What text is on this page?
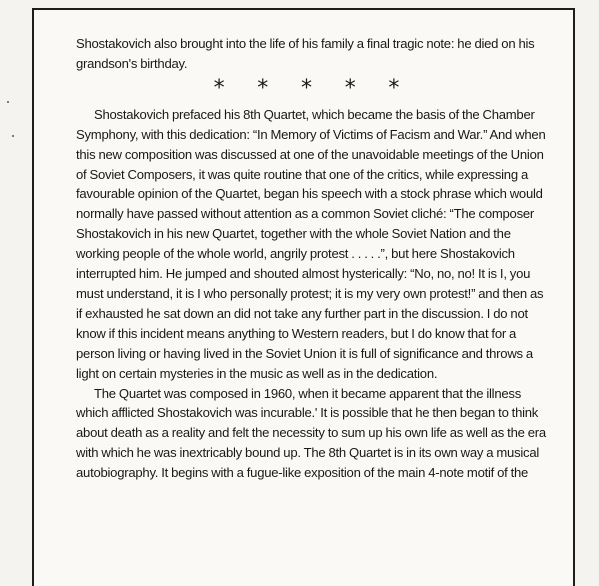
Shostakovich also brought into the life of his family a final tragic note: he died on his grandson's birthday.

* * * * *

Shostakovich prefaced his 8th Quartet, which became the basis of the Chamber Symphony, with this dedication: “In Memory of Victims of Facism and War.” And when this new composition was discussed at one of the unavoidable meetings of the Union of Soviet Composers, it was quite routine that one of the critics, while expressing a favourable opinion of the Quartet, began his speech with a stock phrase which would normally have passed without attention as a common Soviet cliché: “The composer Shostakovich in his new Quartet, together with the whole Soviet Nation and the working people of the whole world, angrily protest . . . . .”, but here Shostakovich interrupted him. He jumped and shouted almost hysterically: “No, no, no! It is I, you must understand, it is I who personally protest; it is my very own protest!” and then as if exhausted he sat down an did not take any further part in the discussion. I do not know if this incident means anything to Western readers, but I do know that for a person living or having lived in the Soviet Union it is full of significance and throws a light on certain mysteries in the music as well as in the dedication.

The Quartet was composed in 1960, when it became apparent that the illness which afflicted Shostakovich was incurable.' It is possible that he then began to think about death as a reality and felt the necessity to sum up his own life as well as the era with which he was inextricably bound up. The 8th Quartet is in its own way a musical autobiography. It begins with a fugue-like exposition of the main 4-note motif of the
